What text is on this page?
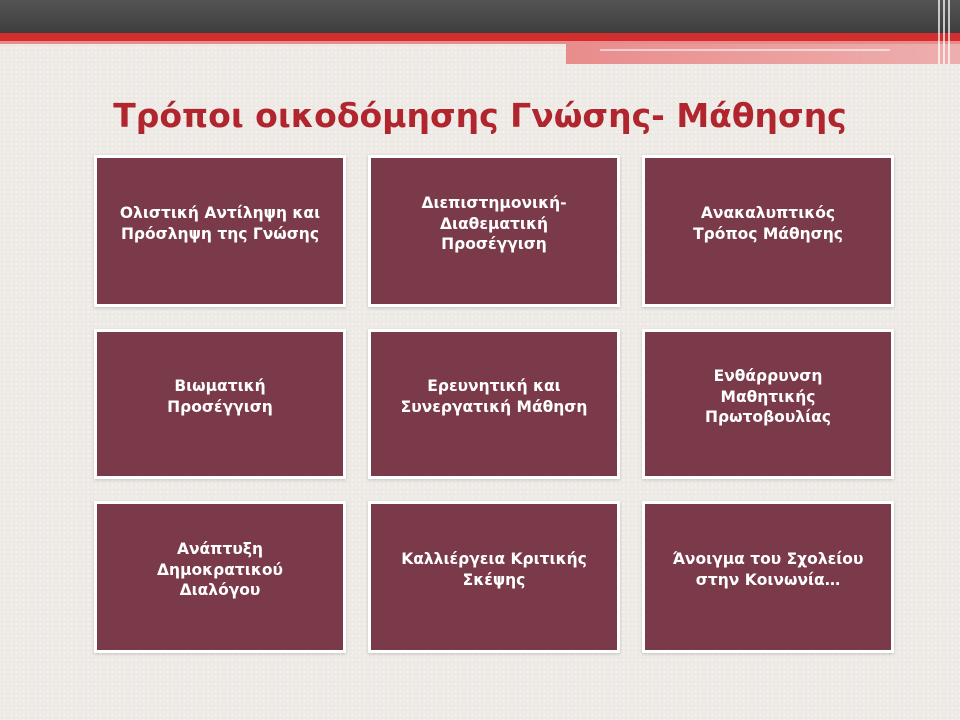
Τρόποι οικοδόμησης Γνώσης- Μάθησης
Ολιστική Αντίληψη και
Πρόσληψη της Γνώσης
Διεπιστημονική-
Διαθεματική
Προσέγγιση
Ανακαλυπτικός
Τρόπος Μάθησης
Βιωματική
Προσέγγιση
Ερευνητική και
Συνεργατική Μάθηση
Ενθάρρυνση
Μαθητικής
Πρωτοβουλίας
Ανάπτυξη
Δημοκρατικού
Διαλόγου
Καλλιέργεια Κριτικής
Σκέψης
Άνοιγμα του Σχολείου
στην Κοινωνία…
